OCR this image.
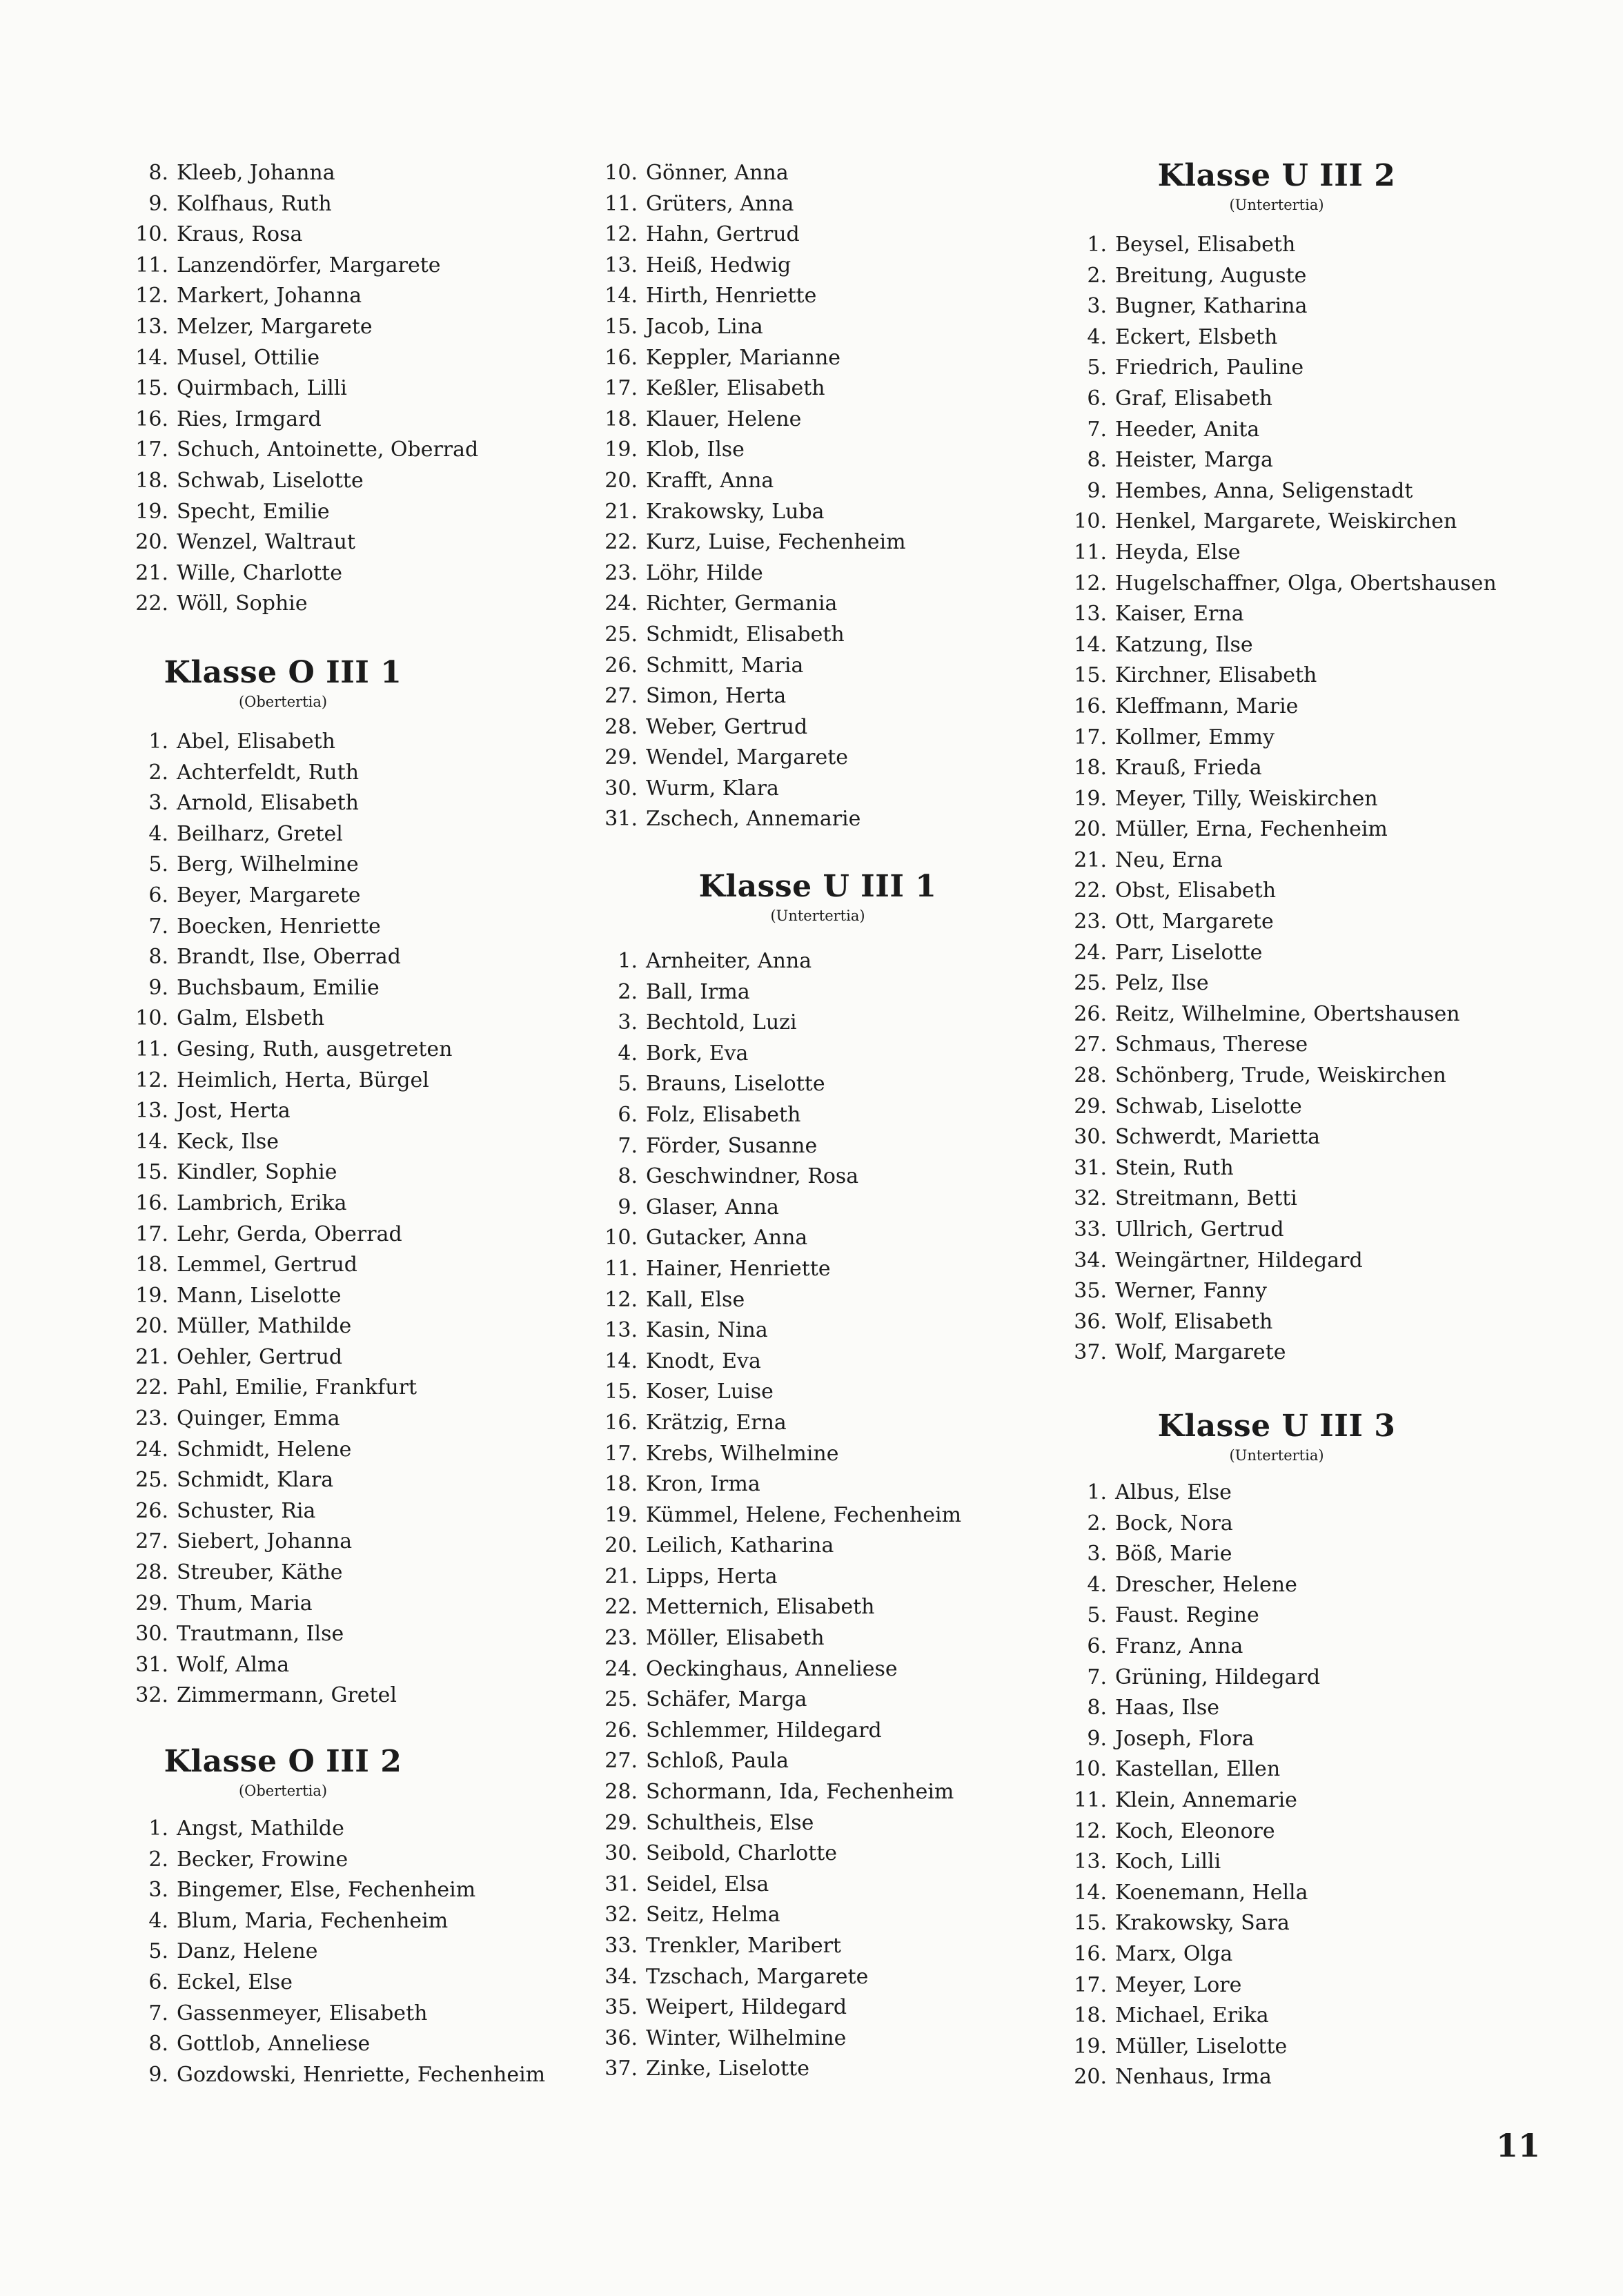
8. Kleeb, Johanna
9. Kolfhaus, Ruth
10. Kraus, Rosa
11. Lanzendörfer, Margarete
12. Markert, Johanna
13. Melzer, Margarete
14. Musel, Ottilie
15. Quirmbach, Lilli
16. Ries, Irmgard
17. Schuch, Antoinette, Oberrad
18. Schwab, Liselotte
19. Specht, Emilie
20. Wenzel, Waltraut
21. Wille, Charlotte
22. Wöll, Sophie
Klasse O III 1
(Obertertia)
1. Abel, Elisabeth
2. Achterfeldt, Ruth
3. Arnold, Elisabeth
4. Beilharz, Gretel
5. Berg, Wilhelmine
6. Beyer, Margarete
7. Boecken, Henriette
8. Brandt, Ilse, Oberrad
9. Buchsbaum, Emilie
10. Galm, Elsbeth
11. Gesing, Ruth, ausgetreten
12. Heimlich, Herta, Bürgel
13. Jost, Herta
14. Keck, Ilse
15. Kindler, Sophie
16. Lambrich, Erika
17. Lehr, Gerda, Oberrad
18. Lemmel, Gertrud
19. Mann, Liselotte
20. Müller, Mathilde
21. Oehler, Gertrud
22. Pahl, Emilie, Frankfurt
23. Quinger, Emma
24. Schmidt, Helene
25. Schmidt, Klara
26. Schuster, Ria
27. Siebert, Johanna
28. Streuber, Käthe
29. Thum, Maria
30. Trautmann, Ilse
31. Wolf, Alma
32. Zimmermann, Gretel
Klasse O III 2
(Obertertia)
1. Angst, Mathilde
2. Becker, Frowine
3. Bingemer, Else, Fechenheim
4. Blum, Maria, Fechenheim
5. Danz, Helene
6. Eckel, Else
7. Gassenmeyer, Elisabeth
8. Gottlob, Anneliese
9. Gozdowski, Henriette, Fechenheim
10. Gönner, Anna
11. Grüters, Anna
12. Hahn, Gertrud
13. Heiß, Hedwig
14. Hirth, Henriette
15. Jacob, Lina
16. Keppler, Marianne
17. Keßler, Elisabeth
18. Klauer, Helene
19. Klob, Ilse
20. Krafft, Anna
21. Krakowsky, Luba
22. Kurz, Luise, Fechenheim
23. Löhr, Hilde
24. Richter, Germania
25. Schmidt, Elisabeth
26. Schmitt, Maria
27. Simon, Herta
28. Weber, Gertrud
29. Wendel, Margarete
30. Wurm, Klara
31. Zschech, Annemarie
Klasse U III 1
(Untertertia)
1. Arnheiter, Anna
2. Ball, Irma
3. Bechtold, Luzi
4. Bork, Eva
5. Brauns, Liselotte
6. Folz, Elisabeth
7. Förder, Susanne
8. Geschwindner, Rosa
9. Glaser, Anna
10. Gutacker, Anna
11. Hainer, Henriette
12. Kall, Else
13. Kasin, Nina
14. Knodt, Eva
15. Koser, Luise
16. Krätzig, Erna
17. Krebs, Wilhelmine
18. Kron, Irma
19. Kümmel, Helene, Fechenheim
20. Leilich, Katharina
21. Lipps, Herta
22. Metternich, Elisabeth
23. Möller, Elisabeth
24. Oeckinghaus, Anneliese
25. Schäfer, Marga
26. Schlemmer, Hildegard
27. Schloß, Paula
28. Schormann, Ida, Fechenheim
29. Schultheis, Else
30. Seibold, Charlotte
31. Seidel, Elsa
32. Seitz, Helma
33. Trenkler, Maribert
34. Tzschach, Margarete
35. Weipert, Hildegard
36. Winter, Wilhelmine
37. Zinke, Liselotte
Klasse U III 2
(Untertertia)
1. Beysel, Elisabeth
2. Breitung, Auguste
3. Bugner, Katharina
4. Eckert, Elsbeth
5. Friedrich, Pauline
6. Graf, Elisabeth
7. Heeder, Anita
8. Heister, Marga
9. Hembes, Anna, Seligenstadt
10. Henkel, Margarete, Weiskirchen
11. Heyda, Else
12. Hugelschaffner, Olga, Obertshausen
13. Kaiser, Erna
14. Katzung, Ilse
15. Kirchner, Elisabeth
16. Kleffmann, Marie
17. Kollmer, Emmy
18. Krauß, Frieda
19. Meyer, Tilly, Weiskirchen
20. Müller, Erna, Fechenheim
21. Neu, Erna
22. Obst, Elisabeth
23. Ott, Margarete
24. Parr, Liselotte
25. Pelz, Ilse
26. Reitz, Wilhelmine, Obertshausen
27. Schmaus, Therese
28. Schönberg, Trude, Weiskirchen
29. Schwab, Liselotte
30. Schwerdt, Marietta
31. Stein, Ruth
32. Streitmann, Betti
33. Ullrich, Gertrud
34. Weingärtner, Hildegard
35. Werner, Fanny
36. Wolf, Elisabeth
37. Wolf, Margarete
Klasse U III 3
(Untertertia)
1. Albus, Else
2. Bock, Nora
3. Böß, Marie
4. Drescher, Helene
5. Faust. Regine
6. Franz, Anna
7. Grüning, Hildegard
8. Haas, Ilse
9. Joseph, Flora
10. Kastellan, Ellen
11. Klein, Annemarie
12. Koch, Eleonore
13. Koch, Lilli
14. Koenemann, Hella
15. Krakowsky, Sara
16. Marx, Olga
17. Meyer, Lore
18. Michael, Erika
19. Müller, Liselotte
20. Nenhaus, Irma
11
